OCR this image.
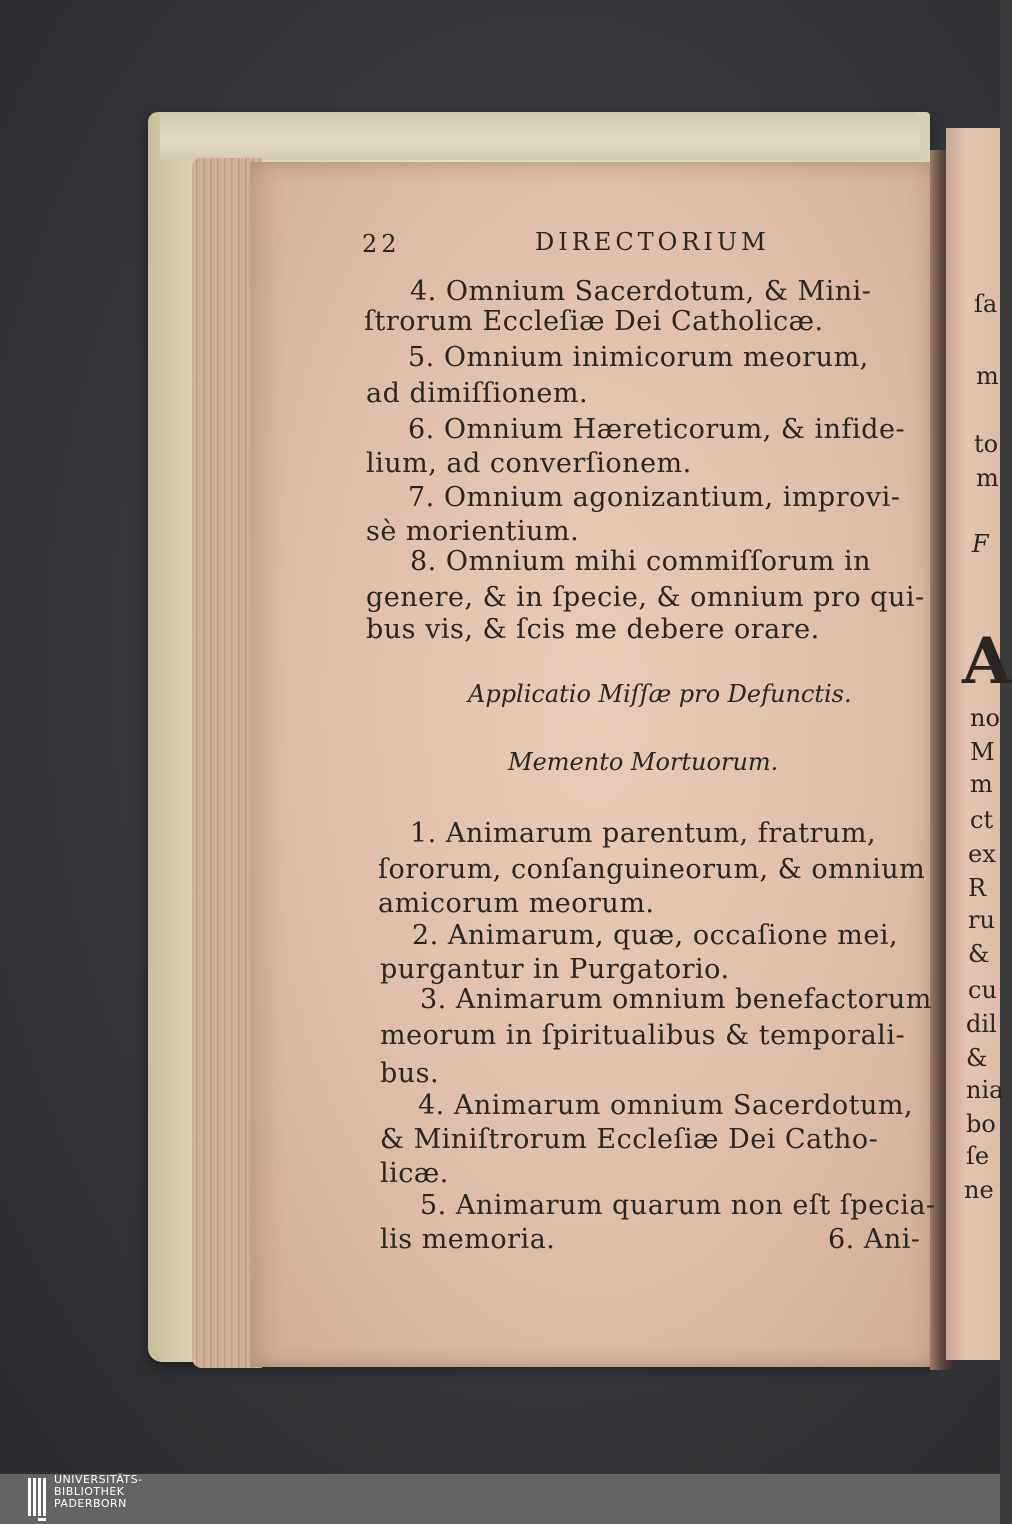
22	DIRECTORIUM
4. Omnium Sacerdotum, & Mini-
ſtrorum Eccleſiæ Dei Catholicæ.
5. Omnium inimicorum meorum,
ad dimiſſionem.
6. Omnium Hæreticorum, & infide-
lium, ad converſionem.
7. Omnium agonizantium, improvi-
sè morientium.
8. Omnium mihi commiſſorum in
genere, & in ſpecie, & omnium pro qui-
bus vis, & ſcis me debere orare.
Applicatio Miſſæ pro Defunctis.
Memento Mortuorum.
1. Animarum parentum, fratrum,
ſororum, conſanguineorum, & omnium
amicorum meorum.
2. Animarum, quæ, occaſione mei,
purgantur in Purgatorio.
3. Animarum omnium benefactorum
meorum in ſpiritualibus & temporali-
bus.
4. Animarum omnium Sacerdotum,
& Miniſtrorum Eccleſiæ Dei Catho-
licæ.
5. Animarum quarum non eſt ſpecia-
lis memoria.	6. Ani-
ſa
m
to
m
F
A
no
M
m
ct
ex
R
ru
&
cu
dil
&
nia
bo
ſe
ne
UNIVERSITÄTS-
BIBLIOTHEK
PADERBORN
